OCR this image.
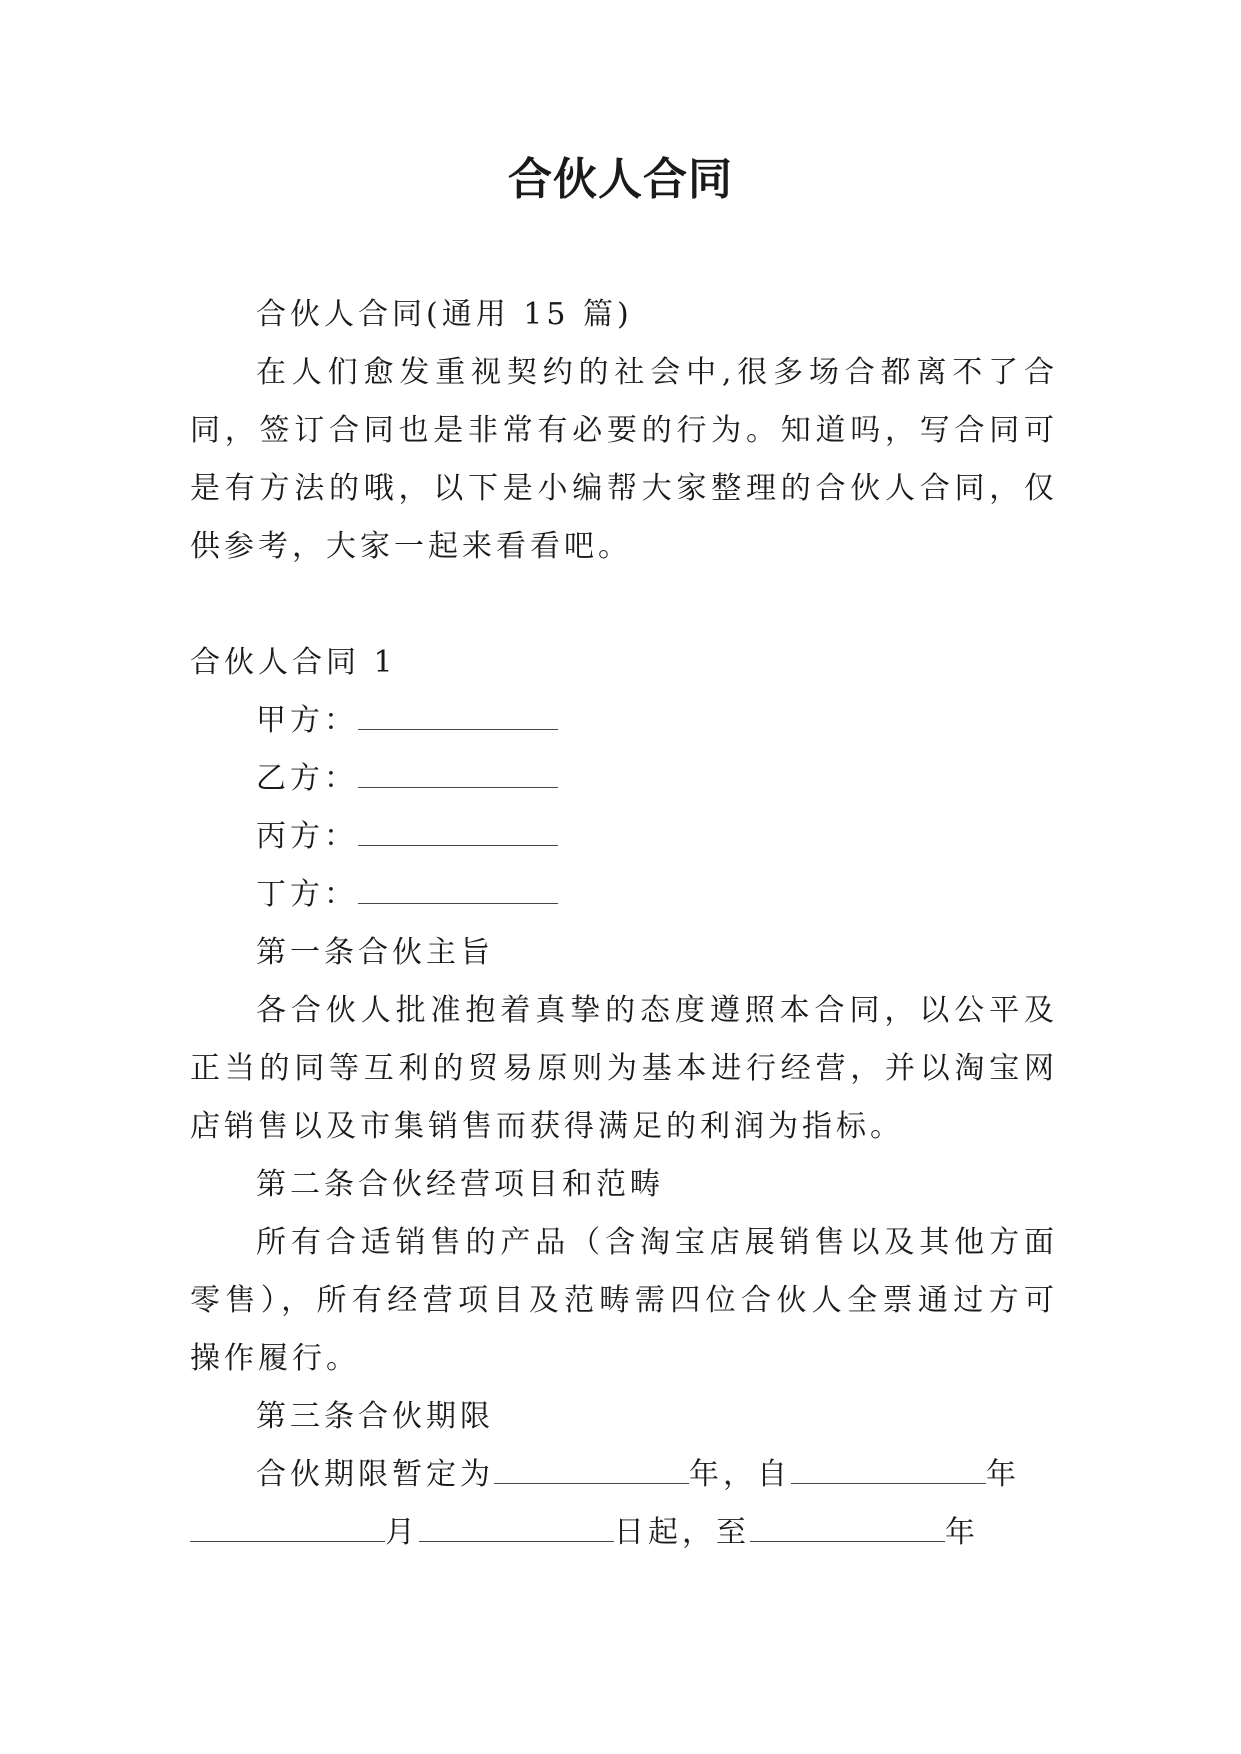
合伙人合同

合伙人合同(通用 15 篇)

在人们愈发重视契约的社会中,很多场合都离不了合同，签订合同也是非常有必要的行为。知道吗，写合同可是有方法的哦，以下是小编帮大家整理的合伙人合同，仅供参考，大家一起来看看吧。

合伙人合同 1

甲方：

乙方：

丙方：

丁方：

第一条合伙主旨

各合伙人批准抱着真挚的态度遵照本合同，以公平及正当的同等互利的贸易原则为基本进行经营，并以淘宝网店销售以及市集销售而获得满足的利润为指标。

第二条合伙经营项目和范畴

所有合适销售的产品（含淘宝店展销售以及其他方面零售），所有经营项目及范畴需四位合伙人全票通过方可操作履行。

第三条合伙期限

合伙期限暂定为	年，自	年

月	日起，至	年
